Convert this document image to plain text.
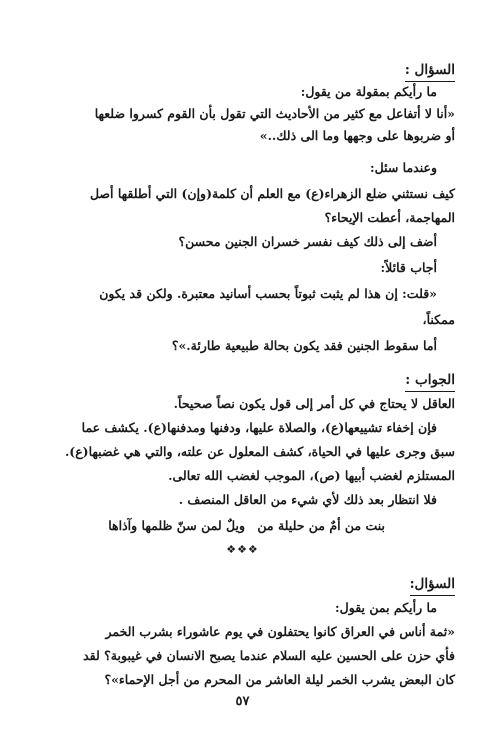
السؤال :
ما رأيكم بمقولة من يقول:
«أنا لا أتفاعل مع كثير من الأحاديث التي تقول بأن القوم كسروا ضلعها
أو ضربوها على وجهها وما الى ذلك..»
وعندما سئل:
كيف نستثني ضلع الزهراء(ع) مع العلم أن كلمة(وإن) التي أطلقها أصل
المهاجمة، أعطت الإيحاء؟
أضف إلى ذلك كيف نفسر خسران الجنين محسن؟
أجاب قائلاً:
«قلت: إن هذا لم يثبت ثبوتاً بحسب أسانيد معتبرة. ولكن قد يكون
ممكناً،
أما سقوط الجنين فقد يكون بحالة طبيعية طارئة.»؟
الجواب :
العاقل لا يحتاج في كل أمر إلى قول يكون نصاً صحيحاً.
فإن إخفاء تشييعها(ع)، والصلاة عليها، ودفنها ومدفنها(ع). يكشف عما
سبق وجرى عليها في الحياة، كشف المعلول عن علته، والتي هي غضبها(ع).
المستلزم لغضب أبيها (ص)، الموجب لغضب الله تعالى.
فلا انتظار بعد ذلك لأي شيء من العاقل المنصف .
بنت من أمٌ من حليلة من
ويلٌ لمن سنّ ظلمها وآذاها
❖❖❖
السؤال:
ما رأيكم بمن يقول:
«ثمة أناس في العراق كانوا يحتفلون في يوم عاشوراء بشرب الخمر
فأي حزن على الحسين عليه السلام عندما يصبح الانسان في غيبوبة؟ لقد
كان البعض يشرب الخمر ليلة العاشر من المحرم من أجل الإحماء»؟
٥٧
